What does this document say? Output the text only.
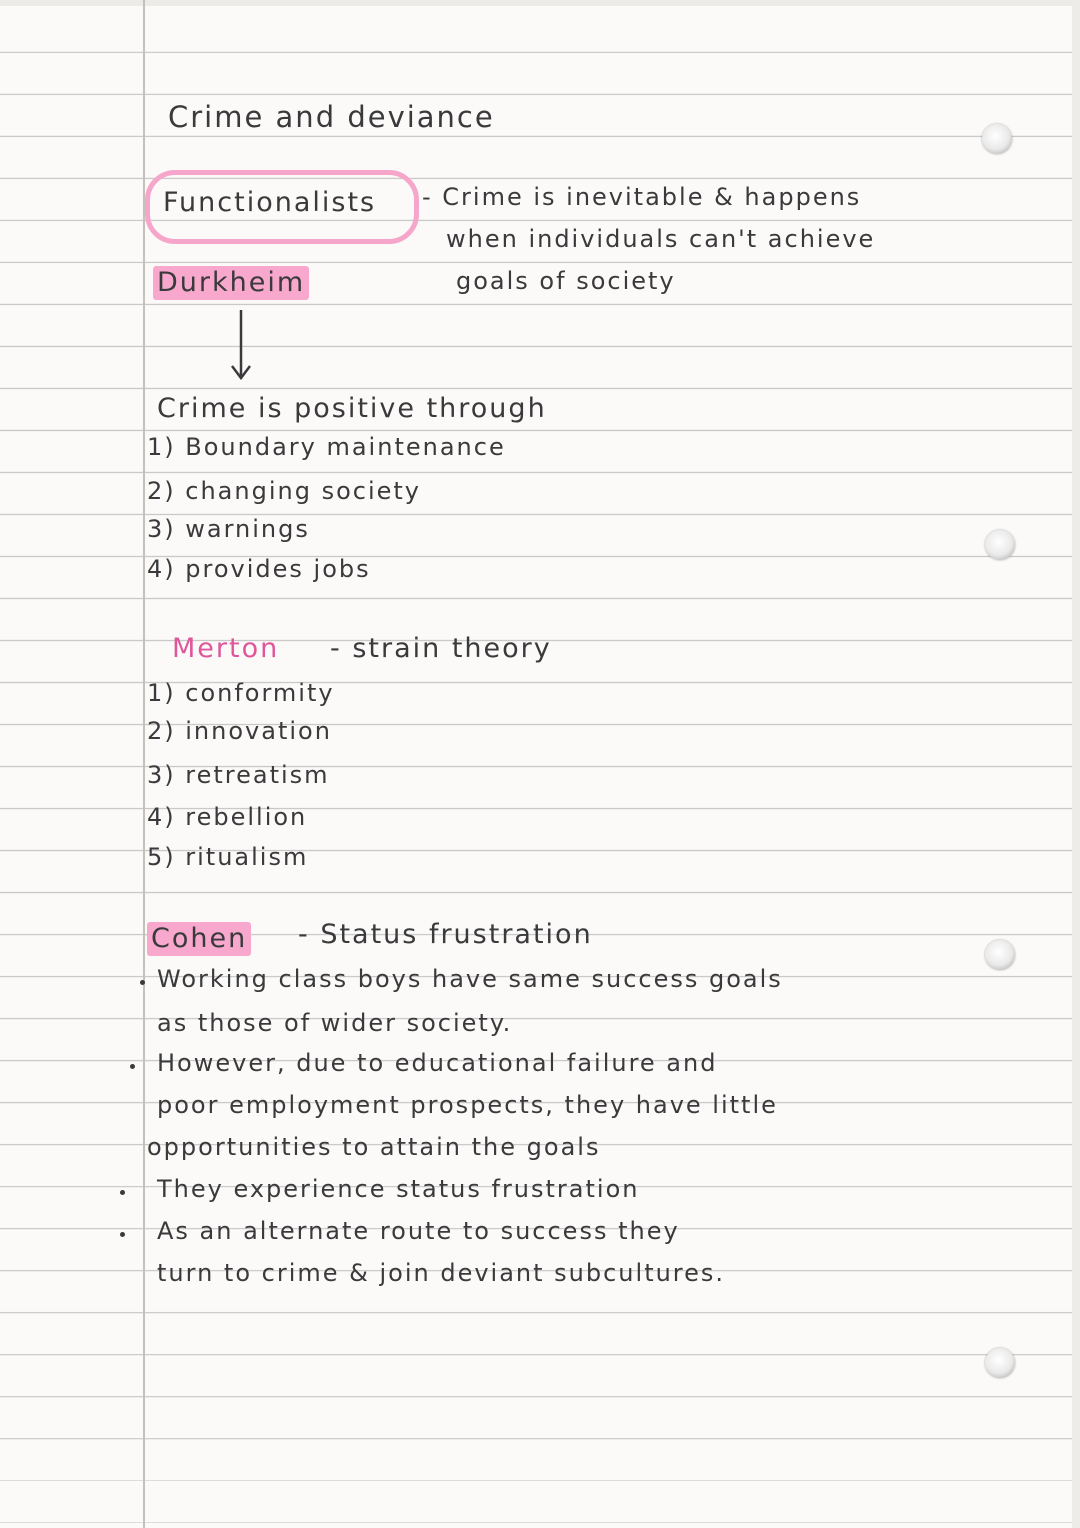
Crime and deviance
Functionalists - Crime is inevitable & happens
when individuals can't achieve
goals of society
Durkheim
Crime is positive through
1) Boundary maintenance
2) changing society
3) warnings
4) provides jobs
Merton - strain theory
1) conformity
2) innovation
3) retreatism
4) rebellion
5) ritualism
Cohen - Status frustration
Working class boys have same success goals
as those of wider society.
However, due to educational failure and
poor employment prospects, they have little
opportunities to attain the goals
They experience status frustration
As an alternate route to success they
turn to crime & join deviant subcultures.
